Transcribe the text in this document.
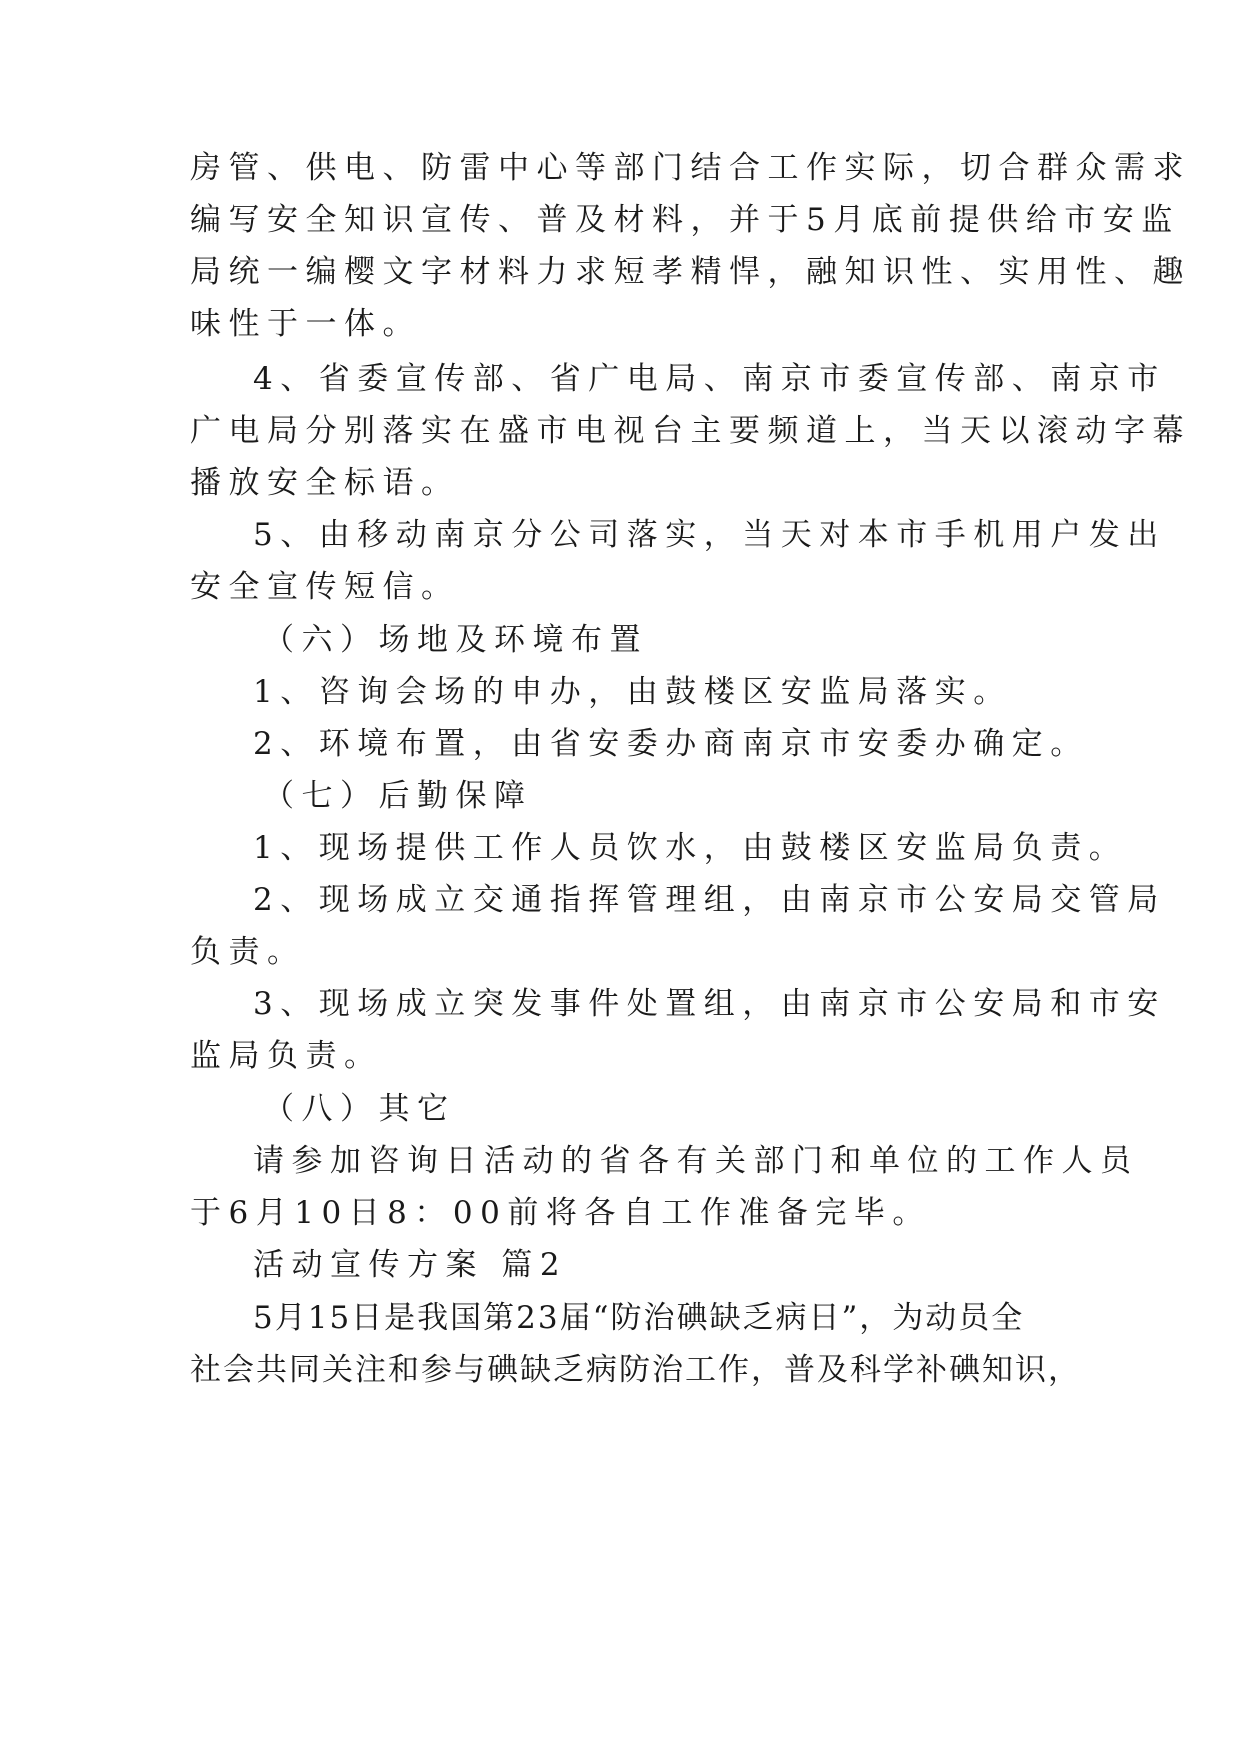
房管、供电、防雷中心等部门结合工作实际，切合群众需求
编写安全知识宣传、普及材料，并于5月底前提供给市安监
局统一编樱文字材料力求短孝精悍，融知识性、实用性、趣
味性于一体。
4、省委宣传部、省广电局、南京市委宣传部、南京市
广电局分别落实在盛市电视台主要频道上，当天以滚动字幕
播放安全标语。
5、由移动南京分公司落实，当天对本市手机用户发出
安全宣传短信。
（六）场地及环境布置
1、咨询会场的申办，由鼓楼区安监局落实。
2、环境布置，由省安委办商南京市安委办确定。
（七）后勤保障
1、现场提供工作人员饮水，由鼓楼区安监局负责。
2、现场成立交通指挥管理组，由南京市公安局交管局
负责。
3、现场成立突发事件处置组，由南京市公安局和市安
监局负责。
（八）其它
请参加咨询日活动的省各有关部门和单位的工作人员
于6月10日8：00前将各自工作准备完毕。
活动宣传方案 篇2
5月15日是我国第23届“防治碘缺乏病日”，为动员全
社会共同关注和参与碘缺乏病防治工作，普及科学补碘知识，
